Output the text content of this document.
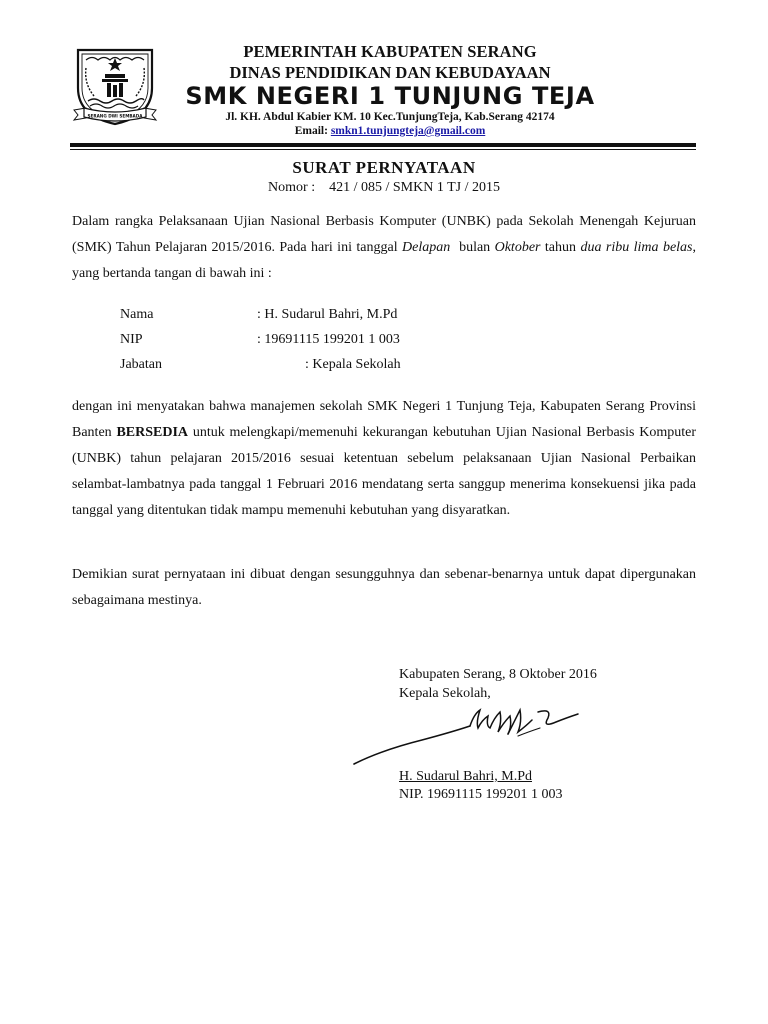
SERANG DWI SEMBADA
PEMERINTAH KABUPATEN SERANG
DINAS PENDIDIKAN DAN KEBUDAYAAN
SMK NEGERI 1 TUNJUNG TEJA
Jl. KH. Abdul Kabier KM. 10 Kec.TunjungTeja, Kab.Serang 42174
Email: smkn1.tunjungteja@gmail.com
SURAT PERNYATAAN
Nomor :    421 / 085 / SMKN 1 TJ / 2015
Dalam rangka Pelaksanaan Ujian Nasional Berbasis Komputer (UNBK) pada Sekolah Menengah Kejuruan (SMK) Tahun Pelajaran 2015/2016. Pada hari ini tanggal Delapan  bulan Oktober tahun dua ribu lima belas, yang bertanda tangan di bawah ini :
Nama	: H. Sudarul Bahri, M.Pd
NIP	: 19691115 199201 1 003
Jabatan	: Kepala Sekolah
dengan ini menyatakan bahwa manajemen sekolah SMK Negeri 1 Tunjung Teja, Kabupaten Serang Provinsi Banten BERSEDIA untuk melengkapi/memenuhi kekurangan kebutuhan Ujian Nasional Berbasis Komputer (UNBK) tahun pelajaran 2015/2016 sesuai ketentuan sebelum pelaksanaan Ujian Nasional Perbaikan selambat-lambatnya pada tanggal 1 Februari 2016 mendatang serta sanggup menerima konsekuensi jika pada tanggal yang ditentukan tidak mampu memenuhi kebutuhan yang disyaratkan.
Demikian surat pernyataan ini dibuat dengan sesungguhnya dan sebenar-benarnya untuk dapat dipergunakan sebagaimana mestinya.
Kabupaten Serang, 8 Oktober 2016
Kepala Sekolah,
H. Sudarul Bahri, M.Pd
NIP. 19691115 199201 1 003
